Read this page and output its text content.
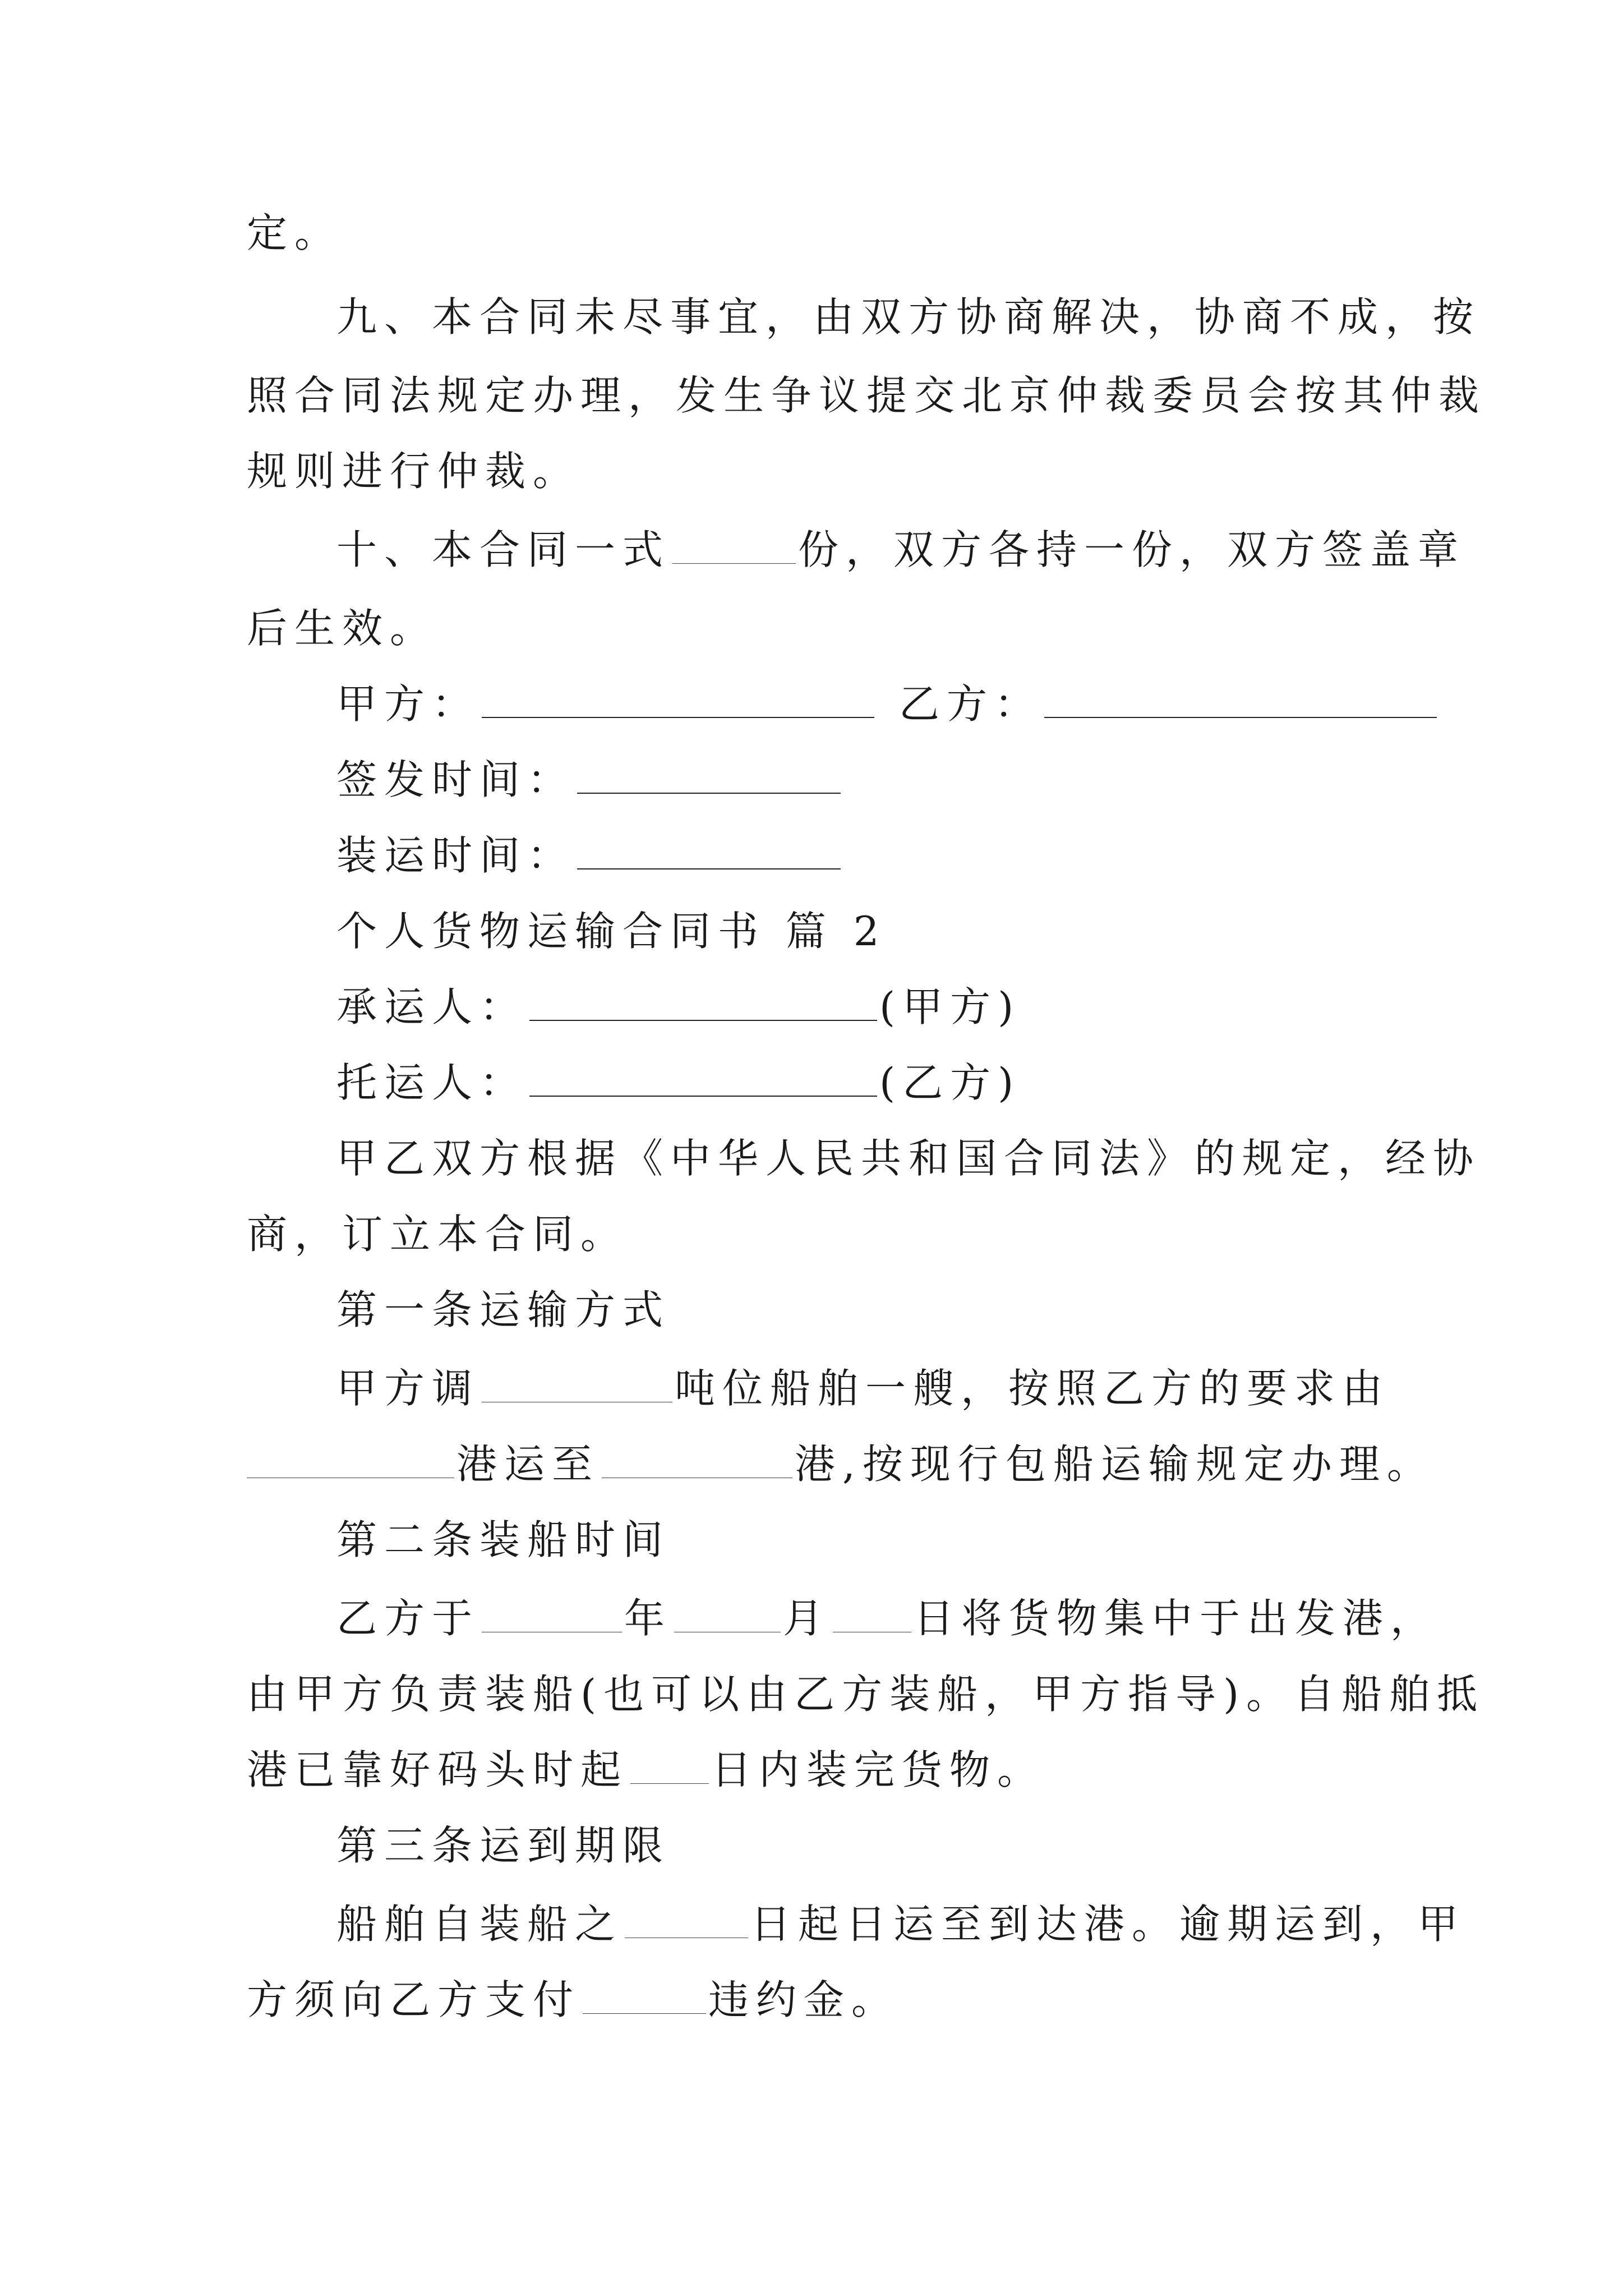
定。
九、本合同未尽事宜，由双方协商解决，协商不成，按
照合同法规定办理，发生争议提交北京仲裁委员会按其仲裁
规则进行仲裁。
十、本合同一式	份，双方各持一份，双方签盖章
后生效。
甲方：	乙方：
签发时间：
装运时间：
个人货物运输合同书 篇 2
承运人：	(甲方)
托运人：	(乙方)
甲乙双方根据《中华人民共和国合同法》的规定，经协
商，订立本合同。
第一条运输方式
甲方调	吨位船舶一艘，按照乙方的要求由
港运至	港,按现行包船运输规定办理。
第二条装船时间
乙方于	年	月 日将货物集中于出发港，
由甲方负责装船(也可以由乙方装船，甲方指导)。自船舶抵
港已靠好码头时起 日内装完货物。
第三条运到期限
船舶自装船之	日起日运至到达港。逾期运到，甲
方须向乙方支付	违约金。
